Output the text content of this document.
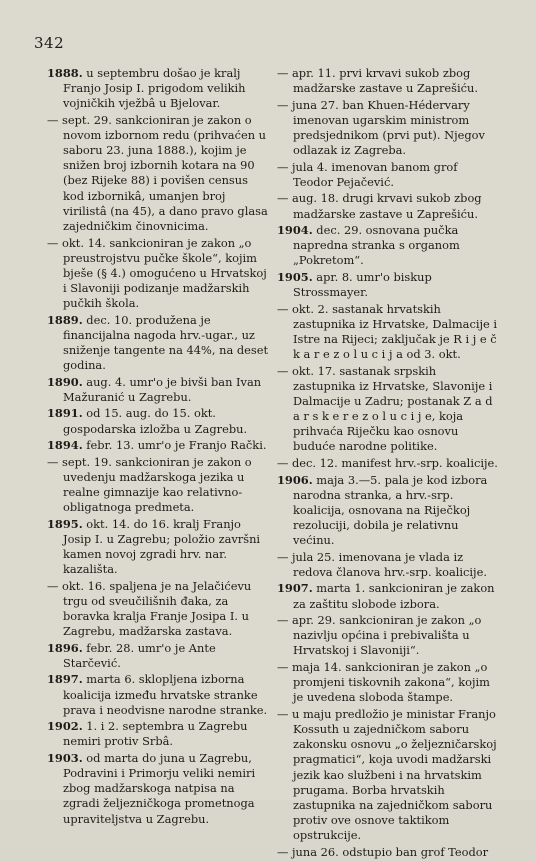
342

1888. u septembru došao je kralj Franjo Josip I. prigodom velikih vojničkih vježbâ u Bjelovar.

— sept. 29. sankcioniran je zakon o novom izbornom redu (prihvaćen u saboru 23. juna 1888.), kojim je snižen broj izbornih kotara na 90 (bez Rijeke 88) i povišen census kod izbornikâ, umanjen broj virilistâ (na 45), a dano pravo glasa zajedničkim činovnicima.

— okt. 14. sankcioniran je zakon „o preustrojstvu pučke škole“, kojim bješe (§ 4.) omogućeno u Hrvatskoj i Slavoniji podizanje madžarskih pučkih škola.

1889. dec. 10. produžena je financijalna nagoda hrv.-ugar., uz sniženje tangente na 44%, na deset godina.

1890. aug. 4. umr'o je bivši ban Ivan Mažuranić u Zagrebu.

1891. od 15. aug. do 15. okt. gospodarska izložba u Zagrebu.

1894. febr. 13. umr'o je Franjo Rački.

— sept. 19. sankcioniran je zakon o uvedenju madžarskoga jezika u realne gimnazije kao relativno-obligatnoga predmeta.

1895. okt. 14. do 16. kralj Franjo Josip I. u Zagrebu; položio završni kamen novoj zgradi hrv. nar. kazališta.

— okt. 16. spaljena je na Jelačićevu trgu od sveučilišnih đaka, za boravka kralja Franje Josipa I. u Zagrebu, madžarska zastava.

1896. febr. 28. umr'o je Ante Starčević.

1897. marta 6. sklopljena izborna koalicija između hrvatske stranke prava i neodvisne narodne stranke.

1902. 1. i 2. septembra u Zagrebu nemiri protiv Srbâ.

1903. od marta do juna u Zagrebu, Podravini i Primorju veliki nemiri zbog madžarskoga natpisa na zgradi željezničkoga prometnoga upraviteljstva u Zagrebu.

— apr. 11. prvi krvavi sukob zbog madžarske zastave u Zaprešiću.

— juna 27. ban Khuen-Hédervary imenovan ugarskim ministrom predsjednikom (prvi put). Njegov odlazak iz Zagreba.

— jula 4. imenovan banom grof Teodor Pejačević.

— aug. 18. drugi krvavi sukob zbog madžarske zastave u Zaprešiću.

1904. dec. 29. osnovana pučka napredna stranka s organom „Pokretom“.

1905. apr. 8. umr'o biskup Strossmayer.

— okt. 2. sastanak hrvatskih zastupnika iz Hrvatske, Dalmacije i Istre na Rijeci; zaključak je R i j e č k a r e z o l u c i j a od 3. okt.

— okt. 17. sastanak srpskih zastupnika iz Hrvatske, Slavonije i Dalmacije u Zadru; postanak Z a d a r s k e r e z o l u c i j e, koja prihvaća Riječku kao osnovu buduće narodne politike.

— dec. 12. manifest hrv.-srp. koalicije.

1906. maja 3.—5. pala je kod izbora narodna stranka, a hrv.-srp. koalicija, osnovana na Riječkoj rezoluciji, dobila je relativnu većinu.

— jula 25. imenovana je vlada iz redova članova hrv.-srp. koalicije.

1907. marta 1. sankcioniran je zakon za zaštitu slobode izbora.

— apr. 29. sankcioniran je zakon „o nazivlju općina i prebivališta u Hrvatskoj i Slavoniji“.

— maja 14. sankcioniran je zakon „o promjeni tiskovnih zakona“, kojim je uvedena sloboda štampe.

— u maju predložio je ministar Franjo Kossuth u zajedničkom saboru zakonsku osnovu „o željezničarskoj pragmatici“, koja uvodi madžarski jezik kao službeni i na hrvatskim prugama. Borba hrvatskih zastupnika na zajedničkom saboru protiv ove osnove taktikom opstrukcije.

— juna 26. odstupio ban grof Teodor
